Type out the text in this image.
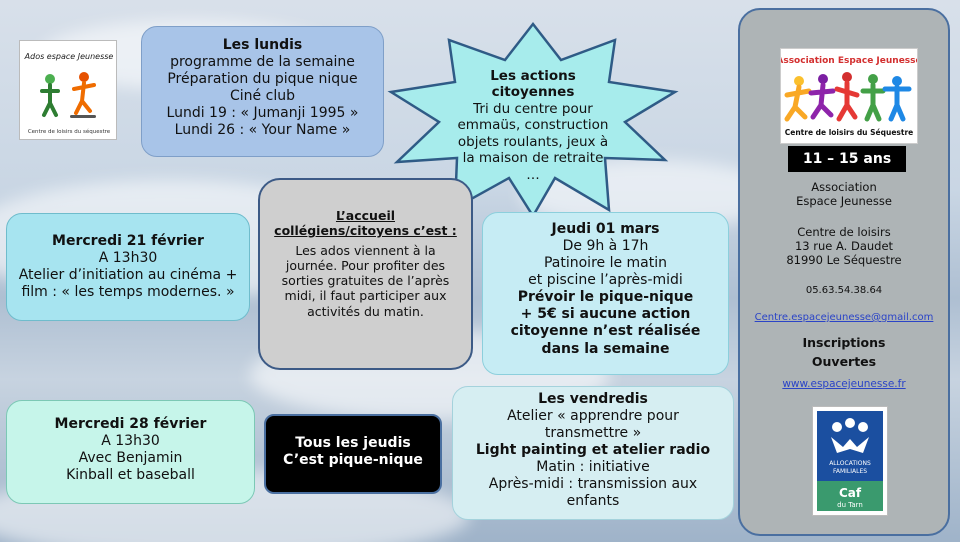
Ados espace Jeunesse
Centre de loisirs du séquestre
Les lundis
programme de la semaine
Préparation du pique nique
Ciné club
Lundi 19 : « Jumanji 1995 »
Lundi 26 : « Your Name »
Les actions citoyennes
Tri du centre pour
emmaüs, construction
objets roulants, jeux à
la maison de retraite …
Mercredi 21 février
A 13h30
Atelier d’initiation au cinéma +
film : « les temps modernes. »
L’accueil collégiens/citoyens c’est :
Les ados viennent à la journée. Pour profiter des sorties gratuites de l’après midi, il faut participer aux activités du matin.
Jeudi 01 mars
De 9h à 17h
Patinoire le matin
et piscine l’après-midi
Prévoir le pique-nique
+ 5€ si aucune action
citoyenne n’est réalisée
dans la semaine
Mercredi 28 février
A 13h30
Avec Benjamin
Kinball et baseball
Tous les jeudis
C’est pique-nique
Les vendredis
Atelier « apprendre pour
transmettre »
Light painting et atelier radio
Matin : initiative
Après-midi : transmission aux
enfants
Association Espace Jeunesse
Centre de loisirs du Séquestre
11 – 15 ans
Association
Espace Jeunesse
Centre de loisirs
13 rue A. Daudet
81990 Le Séquestre
05.63.54.38.64
Centre.espacejeunesse@gmail.com
Inscriptions
Ouvertes
www.espacejeunesse.fr
ALLOCATIONS
FAMILIALES
Caf
du Tarn
